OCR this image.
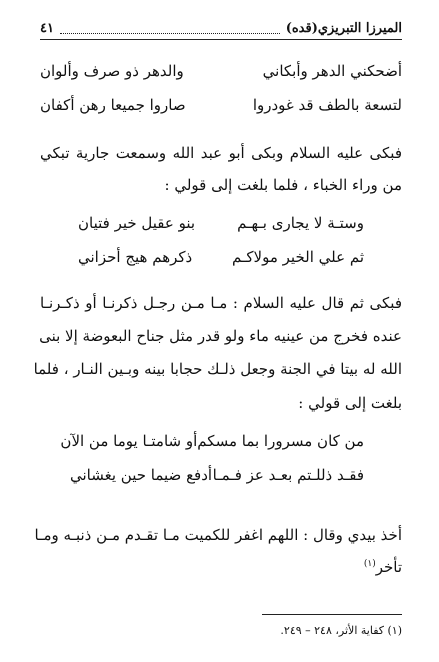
الميرزا التبريزي(قده)
٤١
أضحكني الدهر وأبكاني
والدهر ذو صرف وألوان
لتسعة بالطف قد غودروا
صاروا جميعا رهن أكفان
فبكى عليه السلام وبكى أبو عبد الله وسمعت جارية تبكي
من وراء الخباء ، فلما بلغت إلى قولي :
وستـة لا يجارى بـهـم
بنو عقيل خير فتيان
ثم علي الخير مولاكـم
ذكرهم هيج أحزاني
فبكى ثم قال عليه السلام : مـا مـن رجـل ذكرنـا أو ذكـرنـا
عنده فخرج من عينيه ماء ولو قدر مثل جناح البعوضة إلا بنى
الله له بيتا في الجنة وجعل ذلـك حجابا بينه وبـين النـار ، فلما
بلغت إلى قولي :
من كان مسرورا بما مسكم
أو شامتـا يوما من الآن
فقـد ذللـتم بعـد عز فـمـا
أدفع ضيما حين يغشاني
أخذ بيدي وقال : اللهم اغفر للكميت مـا تقـدم مـن ذنبـه ومـا
تأخر$^{(١)}$
(١) كفاية الأثر، ٢٤٨ – ٢٤٩.
